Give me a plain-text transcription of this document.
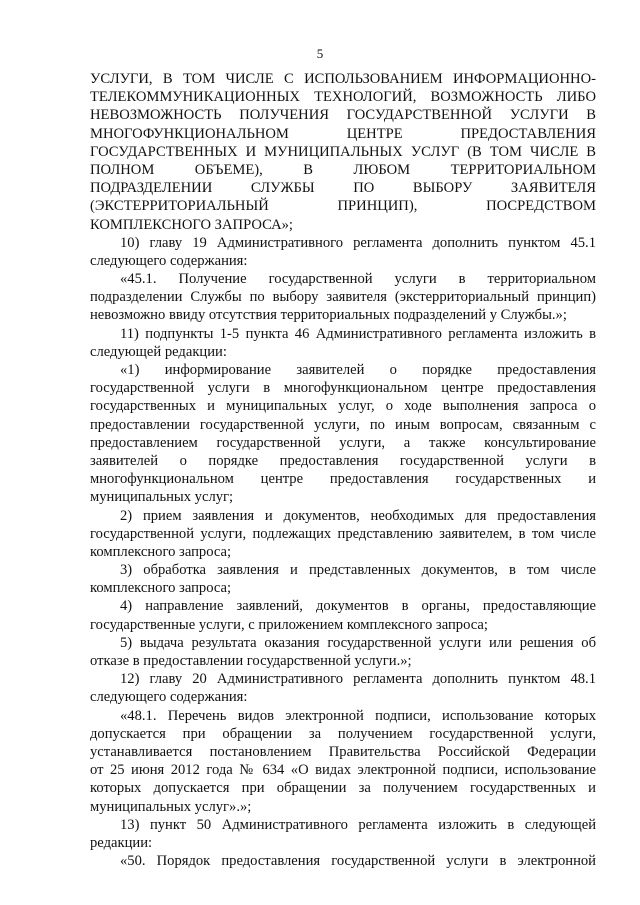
5
УСЛУГИ, В ТОМ ЧИСЛЕ С ИСПОЛЬЗОВАНИЕМ ИНФОРМАЦИОННО-
ТЕЛЕКОММУНИКАЦИОННЫХ ТЕХНОЛОГИЙ, ВОЗМОЖНОСТЬ ЛИБО
НЕВОЗМОЖНОСТЬ ПОЛУЧЕНИЯ ГОСУДАРСТВЕННОЙ УСЛУГИ В
МНОГОФУНКЦИОНАЛЬНОМ ЦЕНТРЕ ПРЕДОСТАВЛЕНИЯ
ГОСУДАРСТВЕННЫХ И МУНИЦИПАЛЬНЫХ УСЛУГ (В ТОМ ЧИСЛЕ В
ПОЛНОМ ОБЪЕМЕ), В ЛЮБОМ ТЕРРИТОРИАЛЬНОМ
ПОДРАЗДЕЛЕНИИ СЛУЖБЫ ПО ВЫБОРУ ЗАЯВИТЕЛЯ
(ЭКСТЕРРИТОРИАЛЬНЫЙ ПРИНЦИП), ПОСРЕДСТВОМ
КОМПЛЕКСНОГО ЗАПРОСА»;
10) главу 19 Административного регламента дополнить пунктом 45.1
следующего содержания:
«45.1. Получение государственной услуги в территориальном
подразделении Службы по выбору заявителя (экстерриториальный принцип)
невозможно ввиду отсутствия территориальных подразделений у Службы.»;
11) подпункты 1-5 пункта 46 Административного регламента изложить в
следующей редакции:
«1) информирование заявителей о порядке предоставления
государственной услуги в многофункциональном центре предоставления
государственных и муниципальных услуг, о ходе выполнения запроса о
предоставлении государственной услуги, по иным вопросам, связанным с
предоставлением государственной услуги, а также консультирование
заявителей о порядке предоставления государственной услуги в
многофункциональном центре предоставления государственных и
муниципальных услуг;
2) прием заявления и документов, необходимых для предоставления
государственной услуги, подлежащих представлению заявителем, в том числе
комплексного запроса;
3) обработка заявления и представленных документов, в том числе
комплексного запроса;
4) направление заявлений, документов в органы, предоставляющие
государственные услуги, с приложением комплексного запроса;
5) выдача результата оказания государственной услуги или решения об
отказе в предоставлении государственной услуги.»;
12) главу 20 Административного регламента дополнить пунктом 48.1
следующего содержания:
«48.1. Перечень видов электронной подписи, использование которых
допускается при обращении за получением государственной услуги,
устанавливается постановлением Правительства Российской Федерации
от 25 июня 2012 года № 634 «О видах электронной подписи, использование
которых допускается при обращении за получением государственных и
муниципальных услуг».»;
13) пункт 50 Административного регламента изложить в следующей
редакции:
«50. Порядок предоставления государственной услуги в электронной
